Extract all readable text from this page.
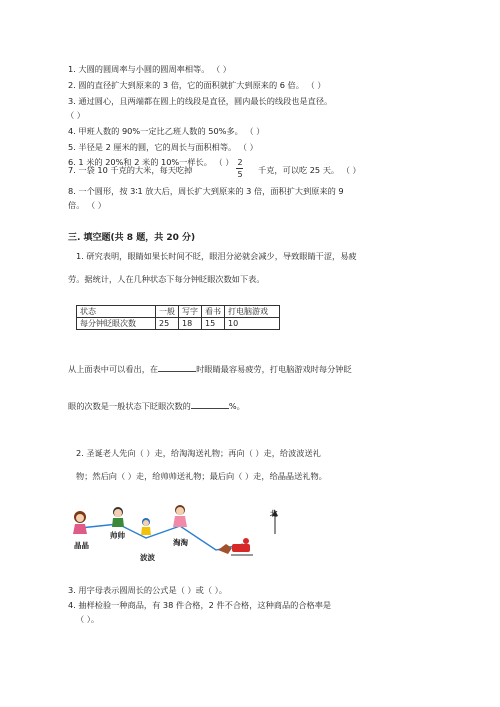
1. 大圆的圆周率与小圆的圆周率相等。 （ ）
2. 圆的直径扩大到原来的 3 倍，它的面积就扩大到原来的 6 倍。 （ ）
3. 通过圆心，且两端都在圆上的线段是直径，圆内最长的线段也是直径。
（ ）
4. 甲班人数的 90%一定比乙班人数的 50%多。 （ ）
5. 半径是 2 厘米的圆，它的周长与面积相等。 （ ）
6. 1 米的 20%和 2 米的 10%一样长。 （ ）
7. 一袋 10 千克的大米，每天吃掉
2
5 千克，可以吃 25 天。 （ ）
8. 一个圆形，按 3∶1 放大后，周长扩大到原来的 3 倍，面积扩大到原来的 9
倍。 （ ）
三. 填空题(共 8 题，共 20 分)
1. 研究表明，眼睛如果长时间不眨，眼泪分泌就会减少，导致眼睛干涩，易疲
劳。据统计，人在几种状态下每分钟眨眼次数如下表。
状态	一般	写字	看书	打电脑游戏
每分钟眨眼次数	25	18	15	10
从上面表中可以看出，在	时眼睛最容易疲劳，打电脑游戏时每分钟眨
眼的次数是一般状态下眨眼次数的	%。
2. 圣诞老人先向（ ）走，给淘淘送礼物；再向（ ）走，给波波送礼
物；然后向（ ）走，给帅帅送礼物；最后向（ ）走，给晶晶送礼物。
晶晶
帅帅
波波
淘淘
北
3. 用字母表示圆周长的公式是（ ）或（ ）。
4. 抽样检验一种商品，有 38 件合格，2 件不合格，这种商品的合格率是
（ ）。
